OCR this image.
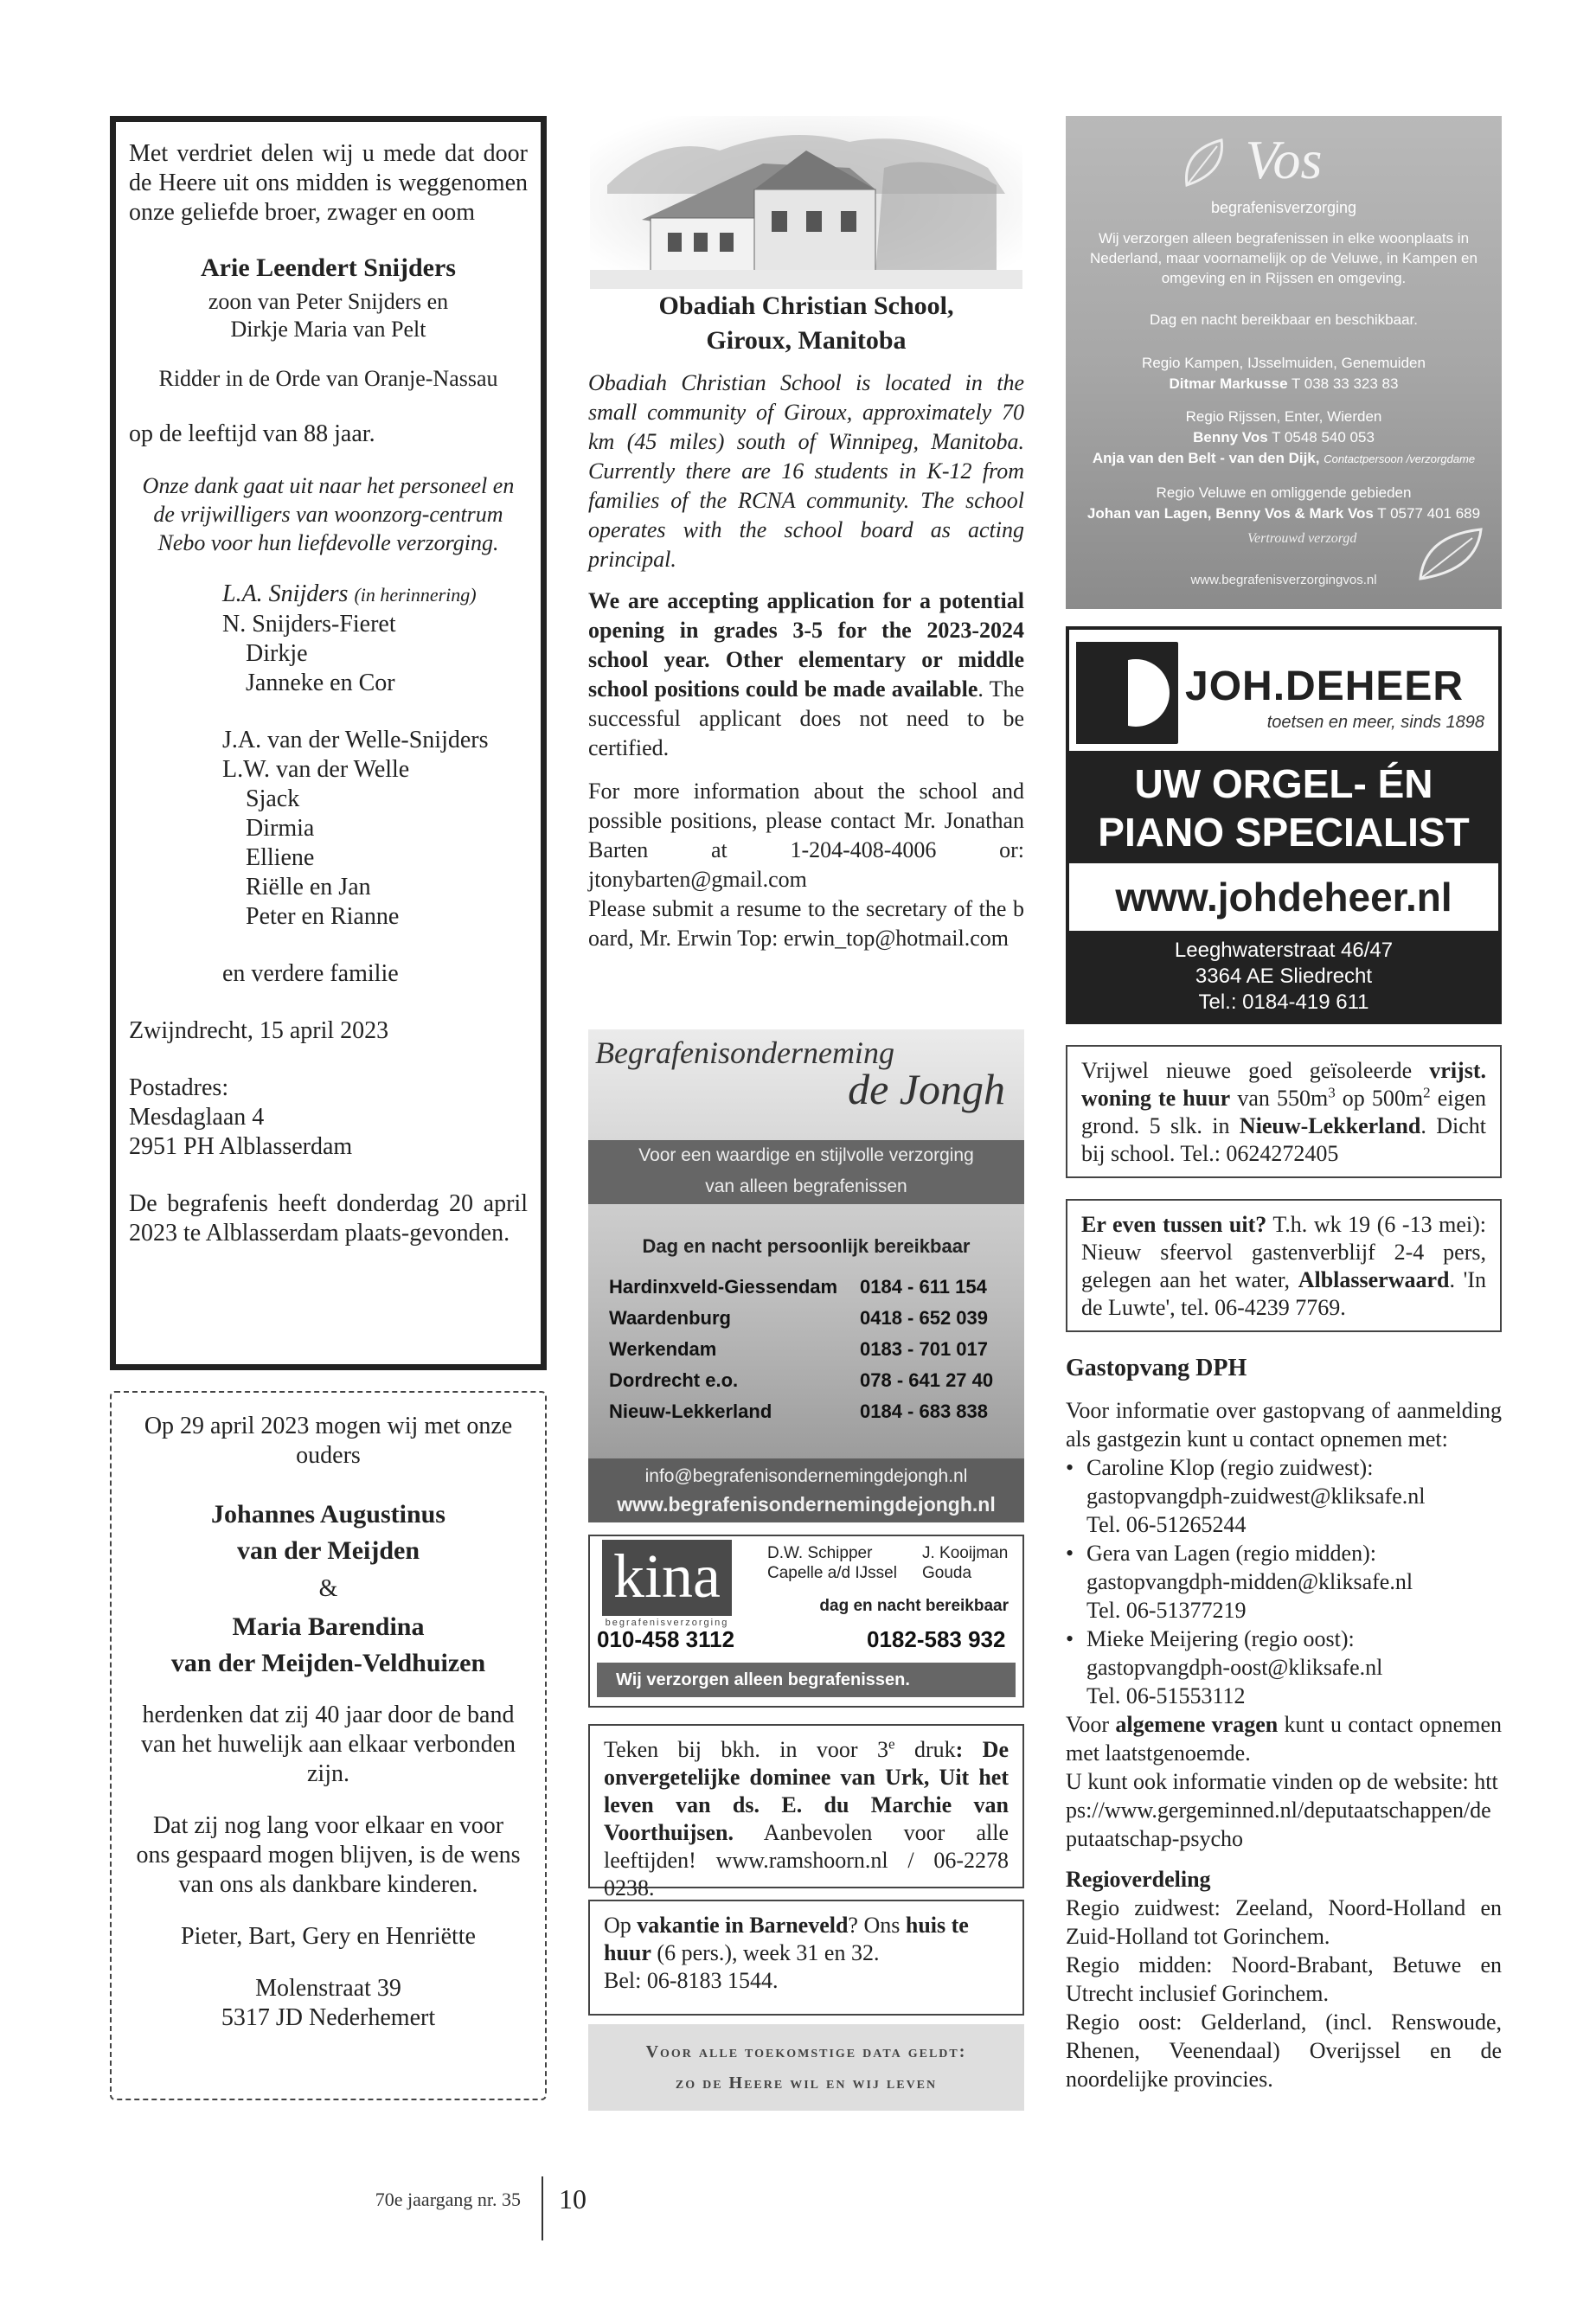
Met verdriet delen wij u mede dat door de Heere uit ons midden is weggenomen onze geliefde broer, zwager en oom
Arie Leendert Snijders
zoon van Peter Snijders en
Dirkje Maria van Pelt
Ridder in de Orde van Oranje-Nassau
op de leeftijd van 88 jaar.
Onze dank gaat uit naar het personeel en de vrijwilligers van woonzorg-centrum Nebo voor hun liefdevolle verzorging.
L.A. Snijders (in herinnering)
N. Snijders-Fieret
Dirkje
Janneke en Cor
J.A. van der Welle-Snijders
L.W. van der Welle
Sjack
Dirmia
Elliene
Riëlle en Jan
Peter en Rianne
en verdere familie
Zwijndrecht, 15 april 2023
Postadres:
Mesdaglaan 4
2951 PH Alblasserdam
De begrafenis heeft donderdag 20 april 2023 te Alblasserdam plaats-gevonden.
Op 29 april 2023 mogen wij met onze ouders
Johannes Augustinus
van der Meijden
&
Maria Barendina
van der Meijden-Veldhuizen
herdenken dat zij 40 jaar door de band van het huwelijk aan elkaar verbonden zijn.
Dat zij nog lang voor elkaar en voor ons gespaard mogen blijven, is de wens van ons als dankbare kinderen.
Pieter, Bart, Gery en Henriëtte
Molenstraat 39
5317 JD Nederhemert
Obadiah Christian School,
Giroux, Manitoba
Obadiah Christian School is located in the small community of Giroux, approximately 70 km (45 miles) south of Winnipeg, Manitoba. Currently there are 16 students in K-12 from families of the RCNA community. The school operates with the school board as acting principal.
We are accepting application for a potential opening in grades 3-5 for the 2023-2024 school year. Other elementary or middle school positions could be made available. The successful applicant does not need to be certified.
For more information about the school and possible positions, please contact Mr. Jonathan Barten at 1-204-408-4006 or: jtonybarten@gmail.com
Please submit a resume to the secretary of the board, Mr. Erwin Top: erwin_top@hotmail.com
Begrafenisonderneming
de Jongh
Voor een waardige en stijlvolle verzorging
van alleen begrafenissen
Dag en nacht persoonlijk bereikbaar
Hardinxveld-Giessendam 0184 - 611 154
Waardenburg	0418 - 652 039
Werkendam	0183 - 701 017
Dordrecht e.o.	078 - 641 27 40
Nieuw-Lekkerland	0184 - 683 838
info@begrafenisondernemingdejongh.nl
www.begrafenisondernemingdejongh.nl
kina
begrafenisverzorging
D.W. Schipper
Capelle a/d IJssel
J. Kooijman
Gouda
dag en nacht bereikbaar
010-458 3112	0182-583 932
Wij verzorgen alleen begrafenissen.
Teken bij bkh. in voor 3e druk: De onvergetelijke dominee van Urk, Uit het leven van ds. E. du Marchie van Voorthuijsen. Aanbevolen voor alle leeftijden! www.ramshoorn.nl / 06-2278 0238.
Op vakantie in Barneveld? Ons huis te huur (6 pers.), week 31 en 32.
Bel: 06-8183 1544.
Voor alle toekomstige data geldt:
zo de Heere wil en wij leven
Vos
begrafenisverzorging
Wij verzorgen alleen begrafenissen in elke woonplaats in Nederland, maar voornamelijk op de Veluwe, in Kampen en omgeving en in Rijssen en omgeving.
Dag en nacht bereikbaar en beschikbaar.
Regio Kampen, IJsselmuiden, Genemuiden
Ditmar Markusse T 038 33 323 83
Regio Rijssen, Enter, Wierden
Benny Vos T 0548 540 053
Anja van den Belt - van den Dijk, Contactpersoon /verzorgdame
Regio Veluwe en omliggende gebieden
Johan van Lagen, Benny Vos & Mark Vos T 0577 401 689
Vertrouwd verzorgd
www.begrafenisverzorgingvos.nl
JOH.DEHEER
toetsen en meer, sinds 1898
UW ORGEL- ÉN
PIANO SPECIALIST
www.johdeheer.nl
Leeghwaterstraat 46/47
3364 AE Sliedrecht
Tel.: 0184-419 611
Vrijwel nieuwe goed geïsoleerde vrijst. woning te huur van $550m^3$ op $500m^2$ eigen grond. 5 slk. in Nieuw-Lekkerland. Dicht bij school. Tel.: 0624272405
Er even tussen uit? T.h. wk 19 (6 -13 mei): Nieuw sfeervol gastenverblijf 2-4 pers, gelegen aan het water, Alblasserwaard. 'In de Luwte', tel. 06-4239 7769.
Gastopvang DPH
Voor informatie over gastopvang of aanmelding als gastgezin kunt u contact opnemen met:
• Caroline Klop (regio zuidwest):
gastopvangdph-zuidwest@kliksafe.nl
Tel. 06-51265244
• Gera van Lagen (regio midden):
gastopvangdph-midden@kliksafe.nl
Tel. 06-51377219
• Mieke Meijering (regio oost):
gastopvangdph-oost@kliksafe.nl
Tel. 06-51553112
Voor algemene vragen kunt u contact opnemen met laatstgenoemde.
U kunt ook informatie vinden op de website: https://www.gergeminned.nl/deputaatschappen/deputaatschap-psycho
Regioverdeling
Regio zuidwest: Zeeland, Noord-Holland en Zuid-Holland tot Gorinchem.
Regio midden: Noord-Brabant, Betuwe en Utrecht inclusief Gorinchem.
Regio oost: Gelderland, (incl. Renswoude, Rhenen, Veenendaal) Overijssel en de noordelijke provincies.
70e jaargang nr. 35 10
